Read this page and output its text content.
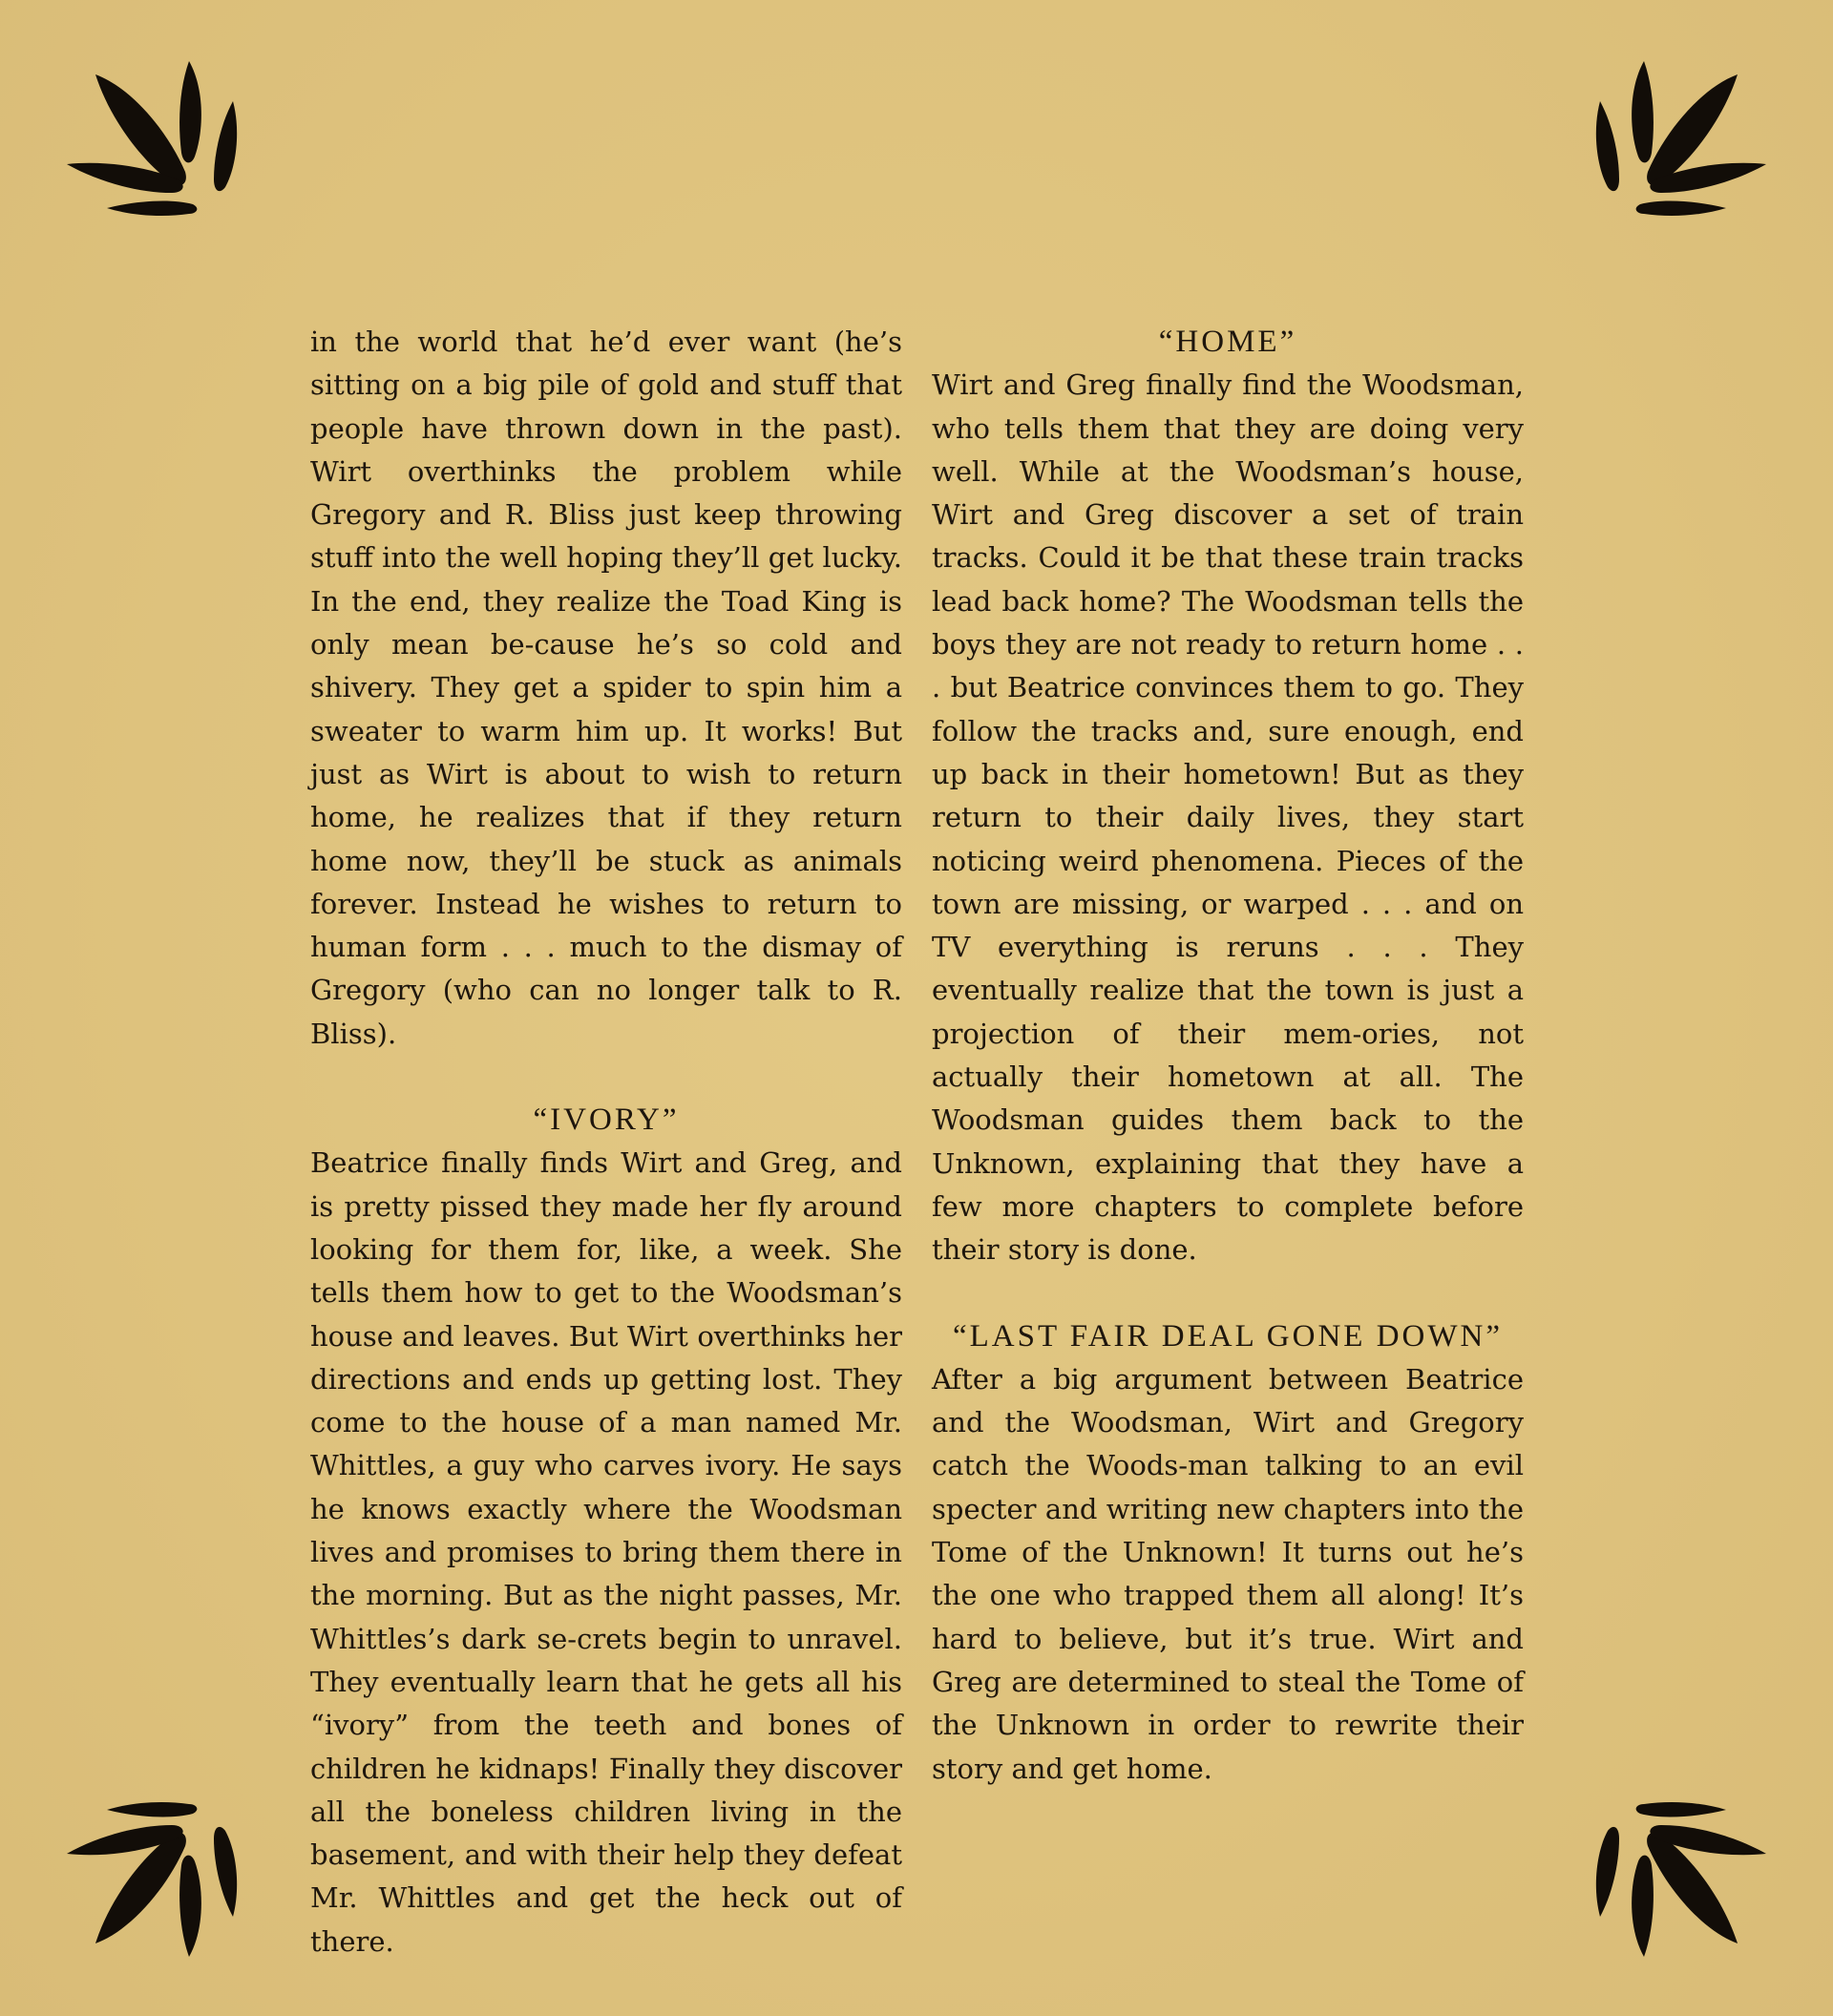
in the world that he’d ever want (he’s sitting on a big pile of gold and stuff that people have thrown down in the past). Wirt overthinks the problem while Gregory and R. Bliss just keep throwing stuff into the well hoping they’ll get lucky. In the end, they realize the Toad King is only mean be-cause he’s so cold and shivery. They get a spider to spin him a sweater to warm him up. It works! But just as Wirt is about to wish to return home, he realizes that if they return home now, they’ll be stuck as animals forever. Instead he wishes to return to human form . . . much to the dismay of Gregory (who can no longer talk to R. Bliss).

“IVORY”

Beatrice finally finds Wirt and Greg, and is pretty pissed they made her fly around looking for them for, like, a week. She tells them how to get to the Woodsman’s house and leaves. But Wirt overthinks her directions and ends up getting lost. They come to the house of a man named Mr. Whittles, a guy who carves ivory. He says he knows exactly where the Woodsman lives and promises to bring them there in the morning. But as the night passes, Mr. Whittles’s dark se-crets begin to unravel. They eventually learn that he gets all his “ivory” from the teeth and bones of children he kidnaps! Finally they discover all the boneless children living in the basement, and with their help they defeat Mr. Whittles and get the heck out of there.

“HOME”

Wirt and Greg finally find the Woodsman, who tells them that they are doing very well. While at the Woodsman’s house, Wirt and Greg discover a set of train tracks. Could it be that these train tracks lead back home? The Woodsman tells the boys they are not ready to return home . . . but Beatrice convinces them to go. They follow the tracks and, sure enough, end up back in their hometown! But as they return to their daily lives, they start noticing weird phenomena. Pieces of the town are missing, or warped . . . and on TV everything is reruns . . . They eventually realize that the town is just a projection of their mem-ories, not actually their hometown at all. The Woodsman guides them back to the Unknown, explaining that they have a few more chapters to complete before their story is done.

“LAST FAIR DEAL GONE DOWN”

After a big argument between Beatrice and the Woodsman, Wirt and Gregory catch the Woods-man talking to an evil specter and writing new chapters into the Tome of the Unknown! It turns out he’s the one who trapped them all along! It’s hard to believe, but it’s true. Wirt and Greg are determined to steal the Tome of the Unknown in order to rewrite their story and get home.
